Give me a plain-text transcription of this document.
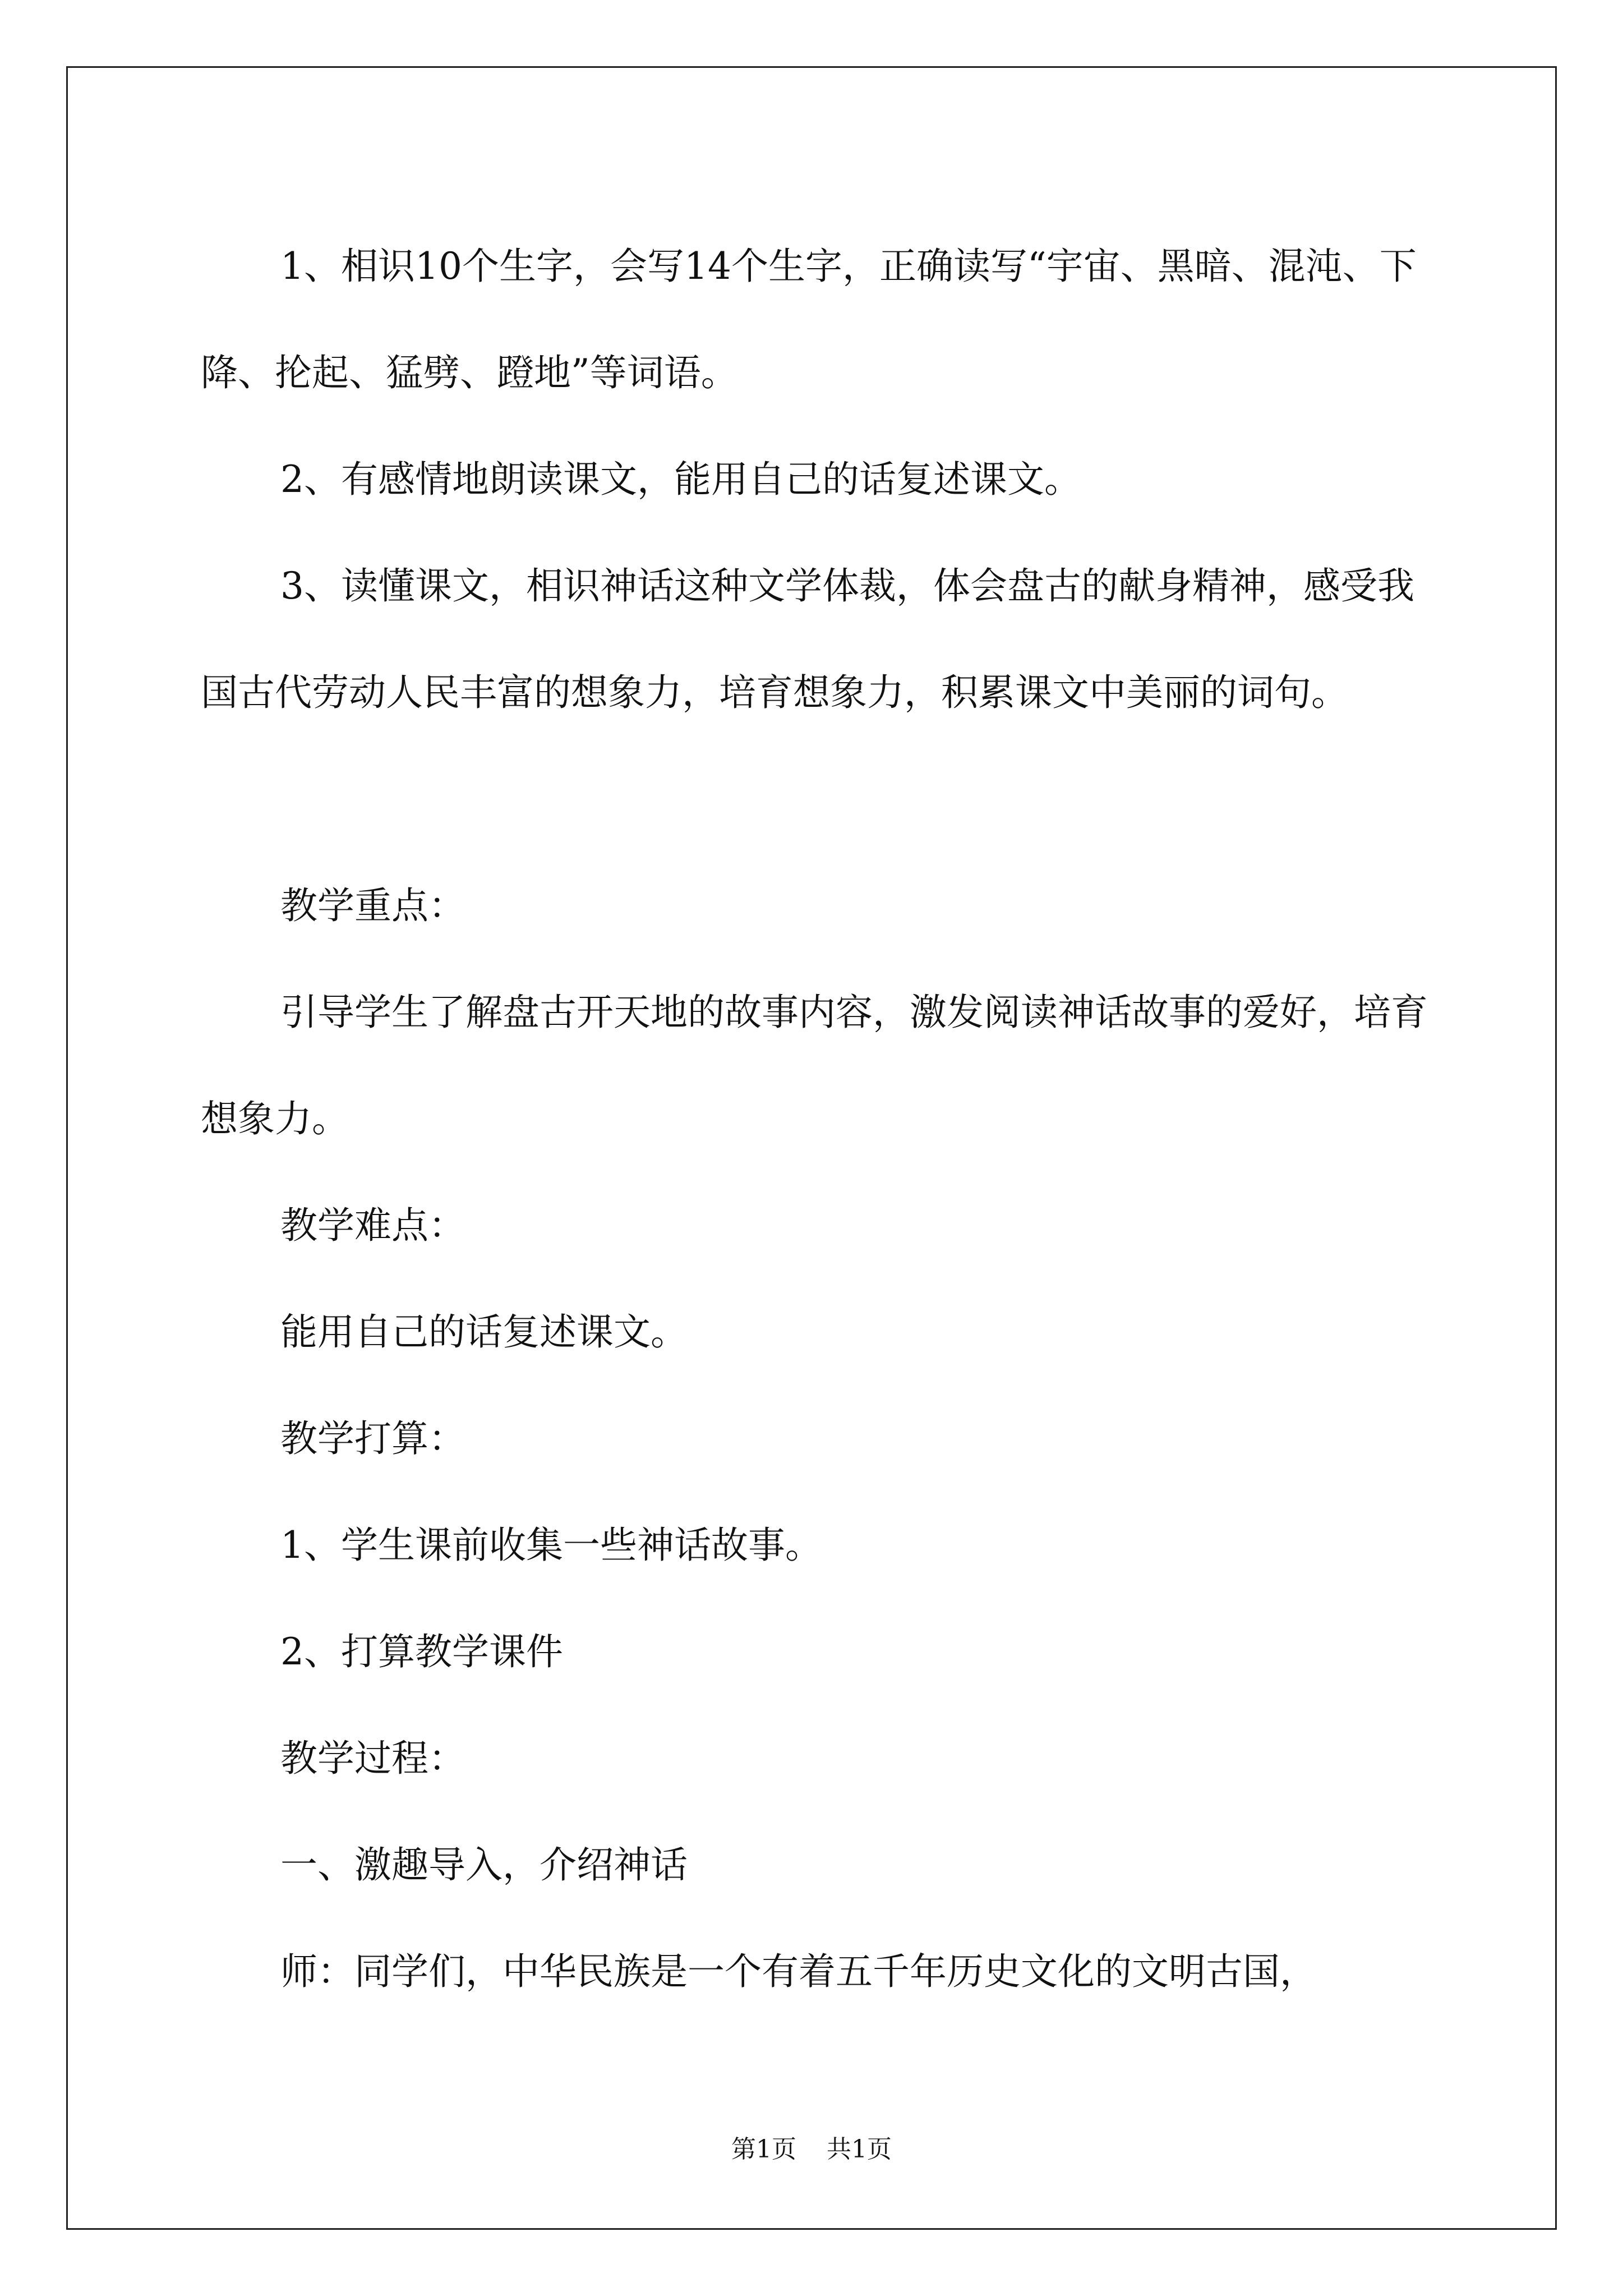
1、相识10个生字，会写14个生字，正确读写“宇宙、黑暗、混沌、下降、抡起、猛劈、蹬地”等词语。

2、有感情地朗读课文，能用自己的话复述课文。

3、读懂课文，相识神话这种文学体裁，体会盘古的献身精神，感受我国古代劳动人民丰富的想象力，培育想象力，积累课文中美丽的词句。

教学重点：

引导学生了解盘古开天地的故事内容，激发阅读神话故事的爱好，培育想象力。

教学难点：

能用自己的话复述课文。

教学打算：

1、学生课前收集一些神话故事。

2、打算教学课件

教学过程：

一、激趣导入，介绍神话

师：同学们，中华民族是一个有着五千年历史文化的文明古国，

第1页 共1页
